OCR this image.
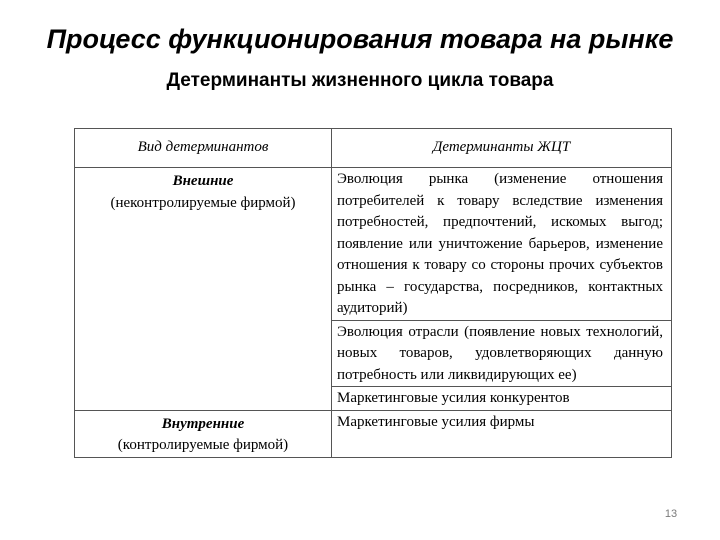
Процесс функционирования товара на рынке
Детерминанты жизненного цикла товара
Вид детерминантов	Детерминанты ЖЦТ

Внешние
(неконтролируемые фирмой)	Эволюция рынка (изменение отношения потребителей к товару вследствие изменения потребностей, предпочтений, искомых выгод; появление или уничтожение барьеров, изменение отношения к товару со стороны прочих субъектов рынка – государства, посредников, контактных аудиторий)
	Эволюция отрасли (появление новых технологий, новых товаров, удовлетворяющих данную потребность или ликвидирующих ее)
	Маркетинговые усилия конкурентов

Внутренние
(контролируемые фирмой)	Маркетинговые усилия фирмы
13
